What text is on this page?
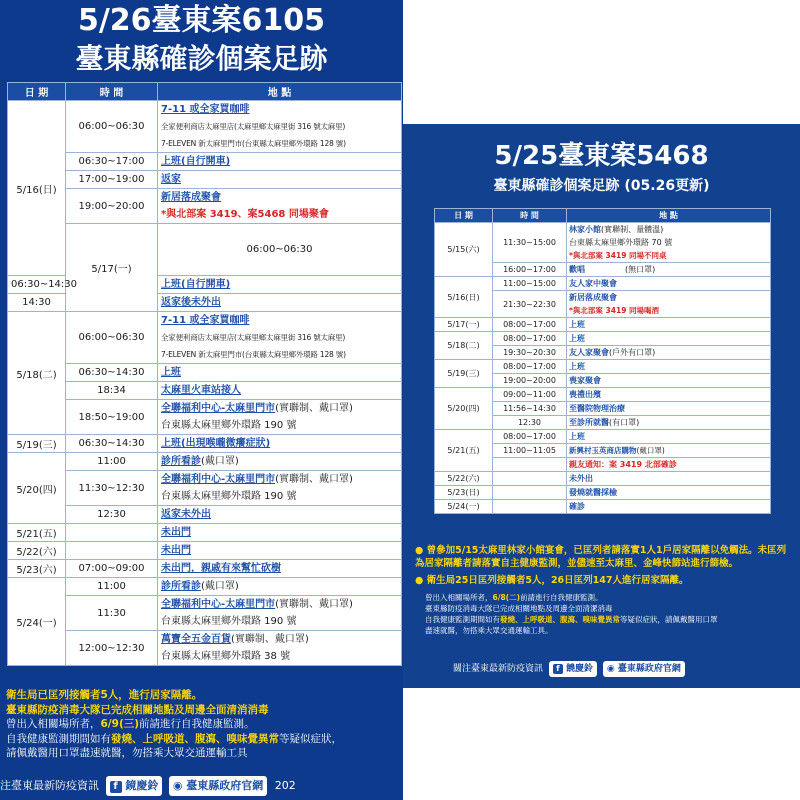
5/26臺東案6105
臺東縣確診個案足跡
日 期	時 間	地 點	
5/16(日)	06:00~06:30	7-11 或全家買咖啡
全家便利商店太麻里店(太麻里鄉太麻里街 316 號太麻里)
7-ELEVEN 新太麻里門市(台東縣太麻里鄉外環路 128 號)	

	06:30~17:00	上班(自行開車)	

	17:00~19:00	返家	

	19:00~20:00	新居落成聚會
*與北部案 3419、案5468 同場聚會	

	5/17(一)	06:00~06:30	

06:30~14:30		上班(自行開車)	

14:30		返家後未外出	

5/18(二)	06:00~06:30	7-11 或全家買咖啡
全家便利商店太麻里店(太麻里鄉太麻里街 316 號太麻里)
7-ELEVEN 新太麻里門市(台東縣太麻里鄉外環路 128 號)	

	06:30~14:30	上班	

	18:34	太麻里火車站接人	

	18:50~19:00	全聯福利中心-太麻里門市(實聯制、戴口罩)
台東縣太麻里鄉外環路 190 號	

5/19(三)	06:30~14:30	上班(出現喉嚨微癢症狀)	

5/20(四)	11:00	診所看診(戴口罩)	

	11:30~12:30	全聯福利中心-太麻里門市(實聯制、戴口罩)
台東縣太麻里鄉外環路 190 號	

	12:30	返家未外出	

5/21(五)		未出門	

5/22(六)		未出門	

5/23(六)	07:00~09:00	未出門，親戚有來幫忙砍樹	

5/24(一)	11:00	診所看診(戴口罩)	

	11:30	全聯福利中心-太麻里門市(實聯制、戴口罩)
台東縣太麻里鄉外環路 190 號	

	12:00~12:30	萬寶全五金百貨(實聯制、戴口罩)
台東縣太麻里鄉外環路 38 號	
衛生局已匡列接觸者5人，進行居家隔離。
臺東縣防疫消毒大隊已完成相關地點及周邊全面清消消毒
曾出入相關場所者，6/9(三)前請進行自我健康監測。
自我健康監測期間如有發燒、上呼吸道、腹瀉、嗅味覺異常等疑似症狀，
請佩戴醫用口罩盡速就醫，勿搭乘大眾交通運輸工具
注臺東最新防疫資訊 f 鏡慶鈴 ◉ 臺東縣政府官網 202
5/25臺東案5468
臺東縣確診個案足跡 (05.26更新)
日 期	時 間	地 點
5/15(六)	11:30~15:00	林家小館(實聯制、量體溫)
台東縣太麻里鄉外環路 70 號
*與北部案 3419 同場不同桌

	16:00~17:00	歡唱 (無口罩)

5/16(日)	11:00~15:00	友人家中聚會

	21:30~22:30	新居落成聚會
*與北部案 3419 同場喝酒

5/17(一)	08:00~17:00	上班

5/18(二)	08:00~17:00	上班

	19:30~20:30	友人家聚會(戶外有口罩)

5/19(三)	08:00~17:00	上班

	19:00~20:00	喪家聚會

5/20(四)	09:00~11:00	喪禮出殯

	11:56~14:30	至醫院物理治療

	12:30	至診所就醫(有口罩)

5/21(五)	08:00~17:00	上班

	11:00~11:05	新興村玉英商店購物(戴口罩)

		親友通知：案 3419 北部確診

5/22(六)		未外出

5/23(日)		發燒就醫採檢

5/24(一)		確診
● 曾參加5/15太麻里林家小館宴會，已匡列者請落實1人1戶居家隔離以免觸法。未匡列為居家隔離者請落實自主健康監測，並儘速至太麻里、金峰快篩站進行篩檢。
● 衛生局25日匡列接觸者5人，26日匡列147人進行居家隔離。
曾出入相關場所者，6/8(二)前請進行自我健康監測。
臺東縣防疫消毒大隊已完成相關地點及周邊全面清潔消毒
自我健康監測期間如有發燒、上呼吸道、腹瀉、嗅味覺異常等疑似症狀，請佩戴醫用口罩
盡速就醫，勿搭乘大眾交通運輸工具。
關注臺東最新防疫資訊 f 饒慶鈴 ◉ 臺東縣政府官網
